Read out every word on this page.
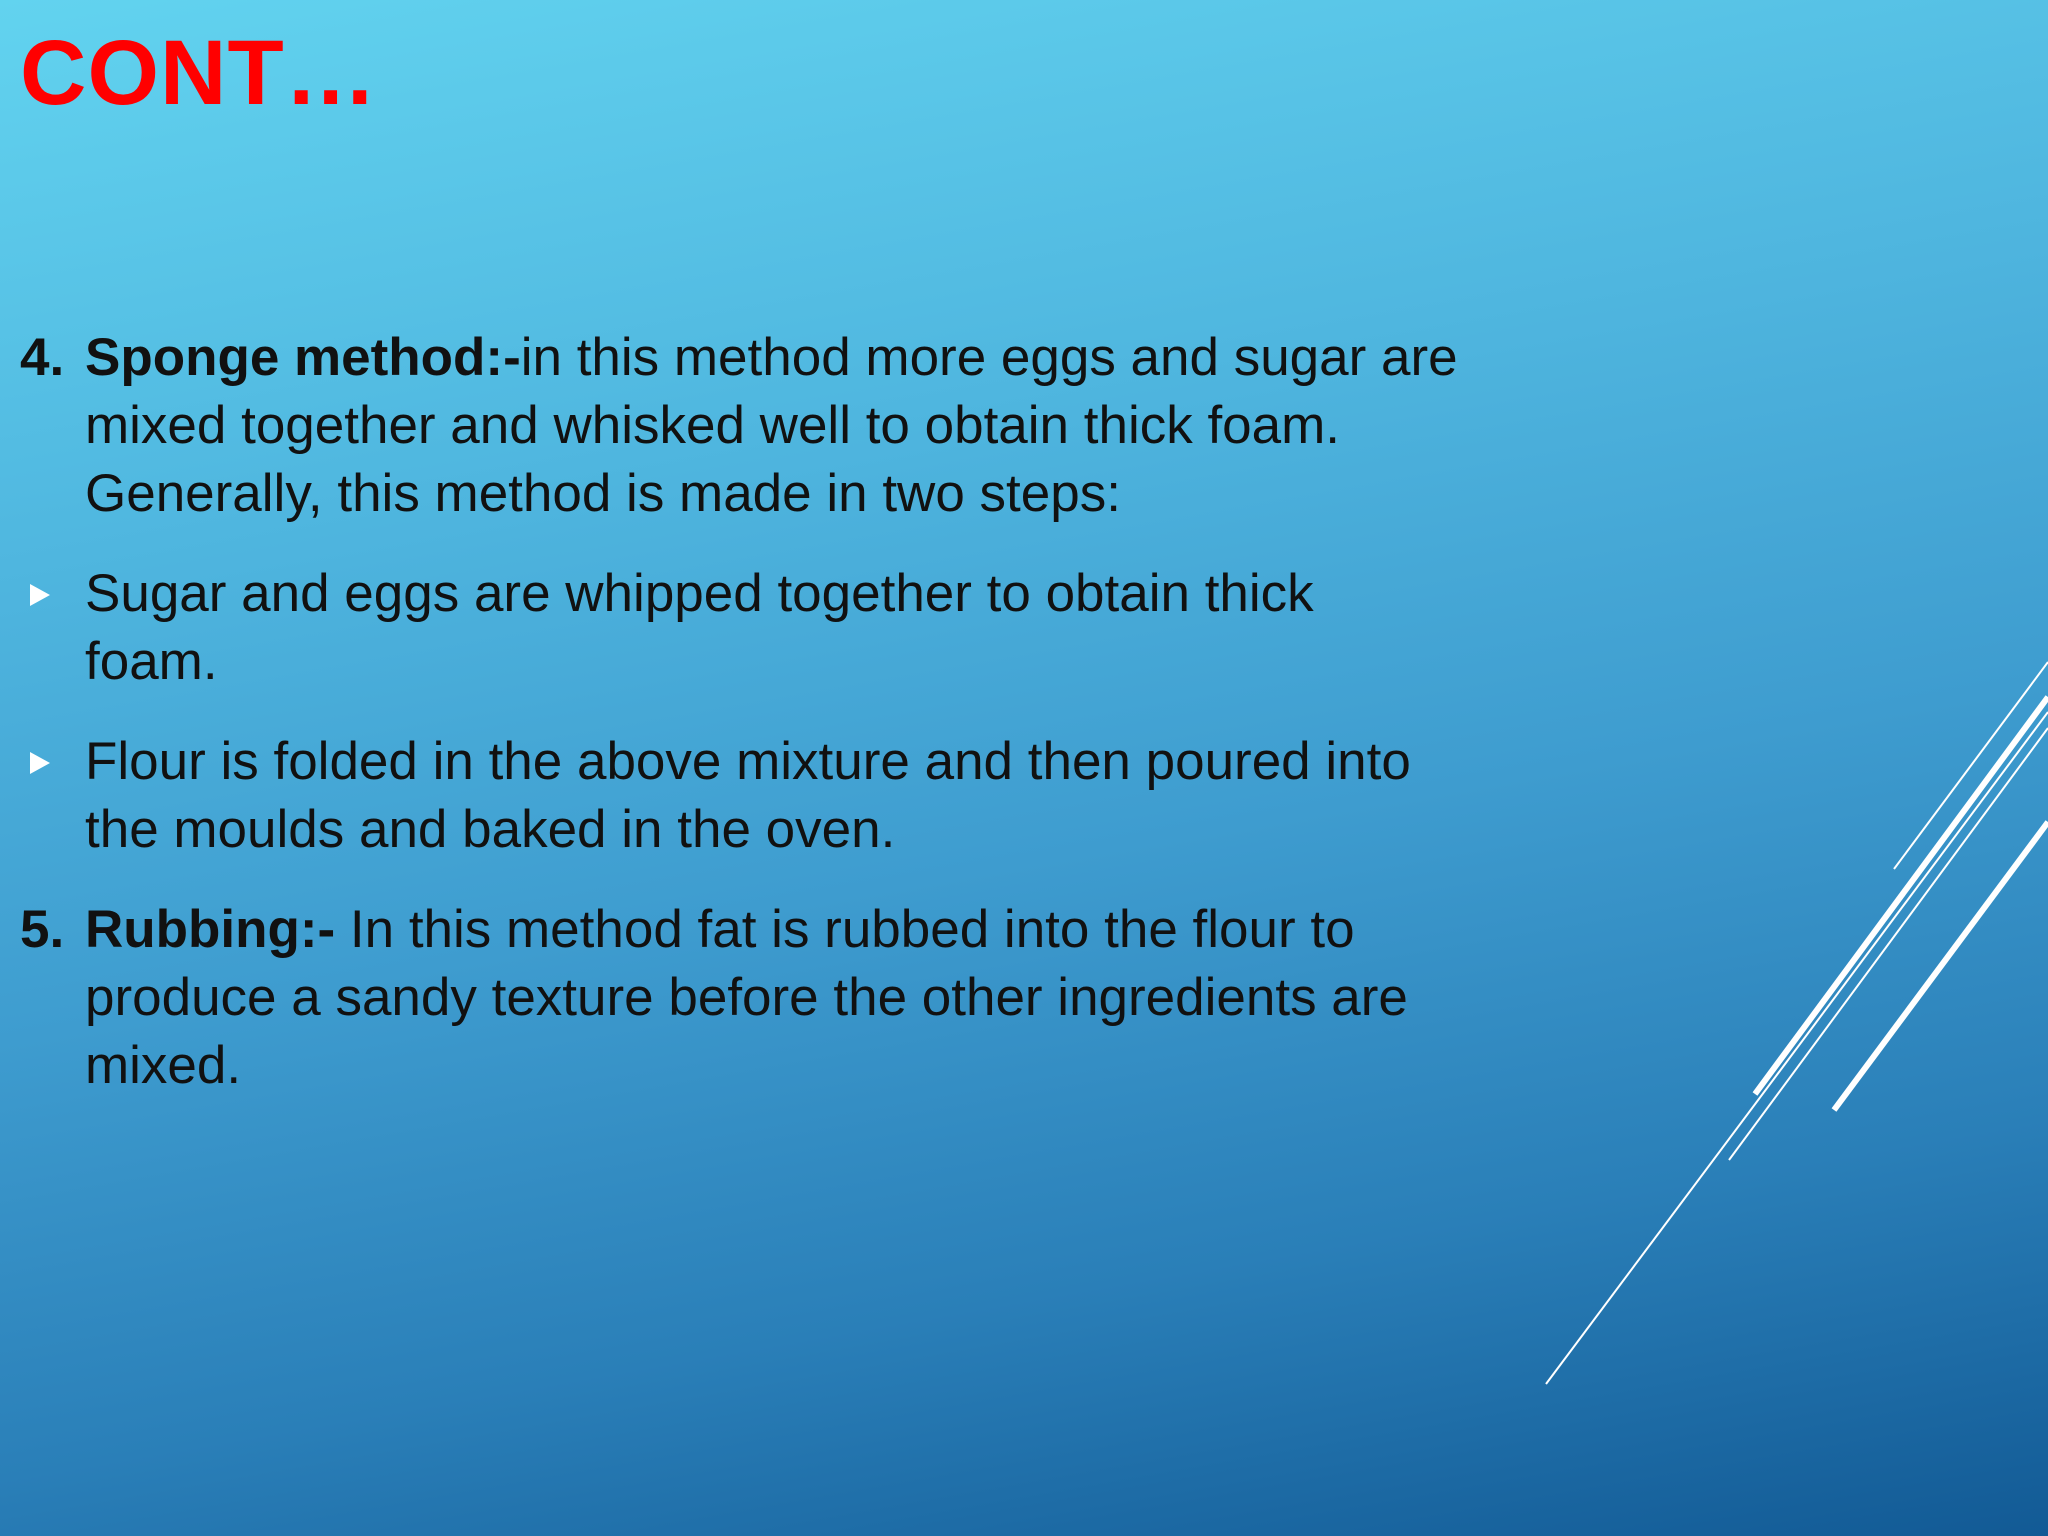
CONT…

4. Sponge method:-in this method more eggs and sugar are mixed together and whisked well to obtain thick foam. Generally, this method is made in two steps:

Sugar and eggs are whipped together to obtain thick foam.

Flour is folded in the above mixture and then poured into the moulds and baked in the oven.

5. Rubbing:- In this method fat is rubbed into the flour to produce a sandy texture before the other ingredients are mixed.
